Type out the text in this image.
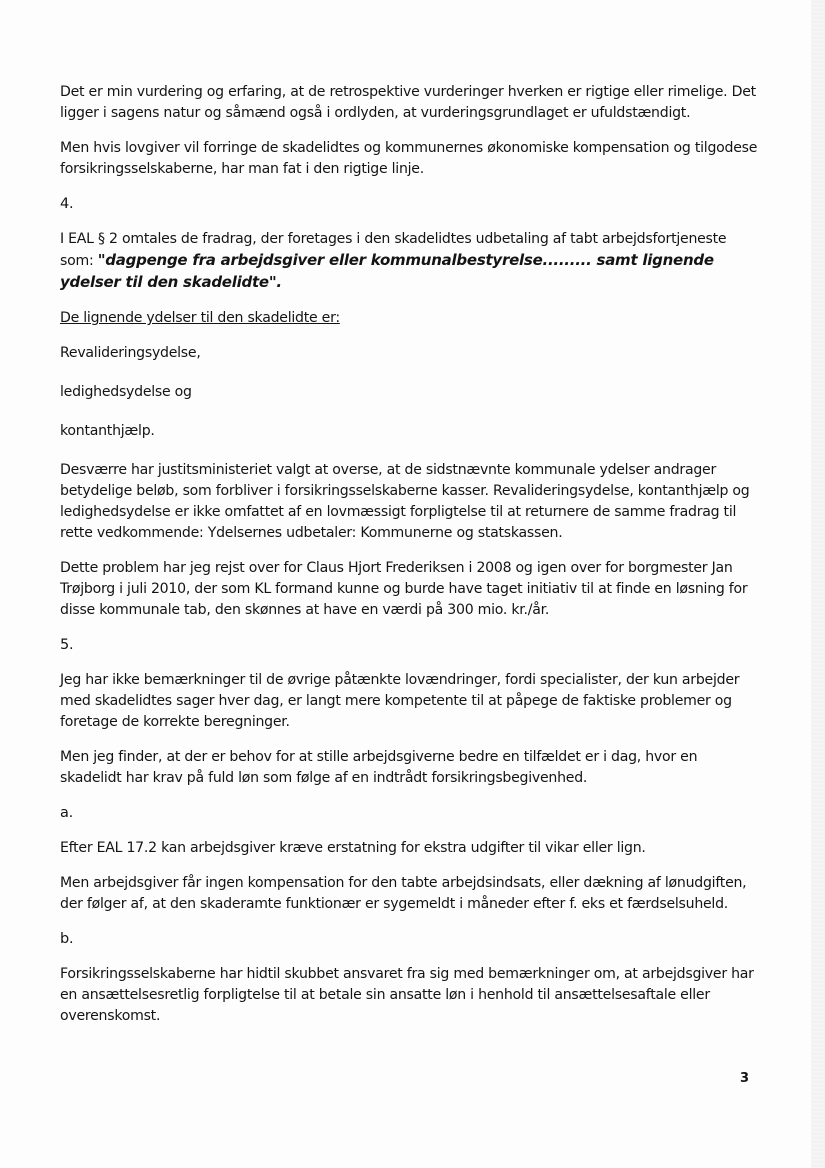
Det er min vurdering og erfaring, at de retrospektive vurderinger hverken er rigtige eller rimelige. Det ligger i sagens natur og såmænd også i ordlyden, at vurderingsgrundlaget er ufuldstændigt.

Men hvis lovgiver vil forringe de skadelidtes og kommunernes økonomiske kompensation og tilgodese forsikringsselskaberne, har man fat i den rigtige linje.

4.

I EAL § 2 omtales de fradrag, der foretages i den skadelidtes udbetaling af tabt arbejdsfortjeneste som: "dagpenge fra arbejdsgiver eller kommunalbestyrelse......... samt lignende ydelser til den skadelidte".

De lignende ydelser til den skadelidte er:

Revalideringsydelse,

ledighedsydelse og

kontanthjælp.

Desværre har justitsministeriet valgt at overse, at de sidstnævnte kommunale ydelser andrager betydelige beløb, som forbliver i forsikringsselskaberne kasser. Revalideringsydelse, kontanthjælp og ledighedsydelse er ikke omfattet af en lovmæssigt forpligtelse til at returnere de samme fradrag til rette vedkommende: Ydelsernes udbetaler: Kommunerne og statskassen.

Dette problem har jeg rejst over for Claus Hjort Frederiksen i 2008 og igen over for borgmester Jan Trøjborg i juli 2010, der som KL formand kunne og burde have taget initiativ til at finde en løsning for disse kommunale tab, den skønnes at have en værdi på 300 mio. kr./år.

5.

Jeg har ikke bemærkninger til de øvrige påtænkte lovændringer, fordi specialister, der kun arbejder med skadelidtes sager hver dag, er langt mere kompetente til at påpege de faktiske problemer og foretage de korrekte beregninger.

Men jeg finder, at der er behov for at stille arbejdsgiverne bedre en tilfældet er i dag, hvor en skadelidt har krav på fuld løn som følge af en indtrådt forsikringsbegivenhed.

a.

Efter EAL 17.2 kan arbejdsgiver kræve erstatning for ekstra udgifter til vikar eller lign.

Men arbejdsgiver får ingen kompensation for den tabte arbejdsindsats, eller dækning af lønudgiften, der følger af, at den skaderamte funktionær er sygemeldt i måneder efter f. eks et færdselsuheld.

b.

Forsikringsselskaberne har hidtil skubbet ansvaret fra sig med bemærkninger om, at arbejdsgiver har en ansættelsesretlig forpligtelse til at betale sin ansatte løn i henhold til ansættelsesaftale eller overenskomst.

3
